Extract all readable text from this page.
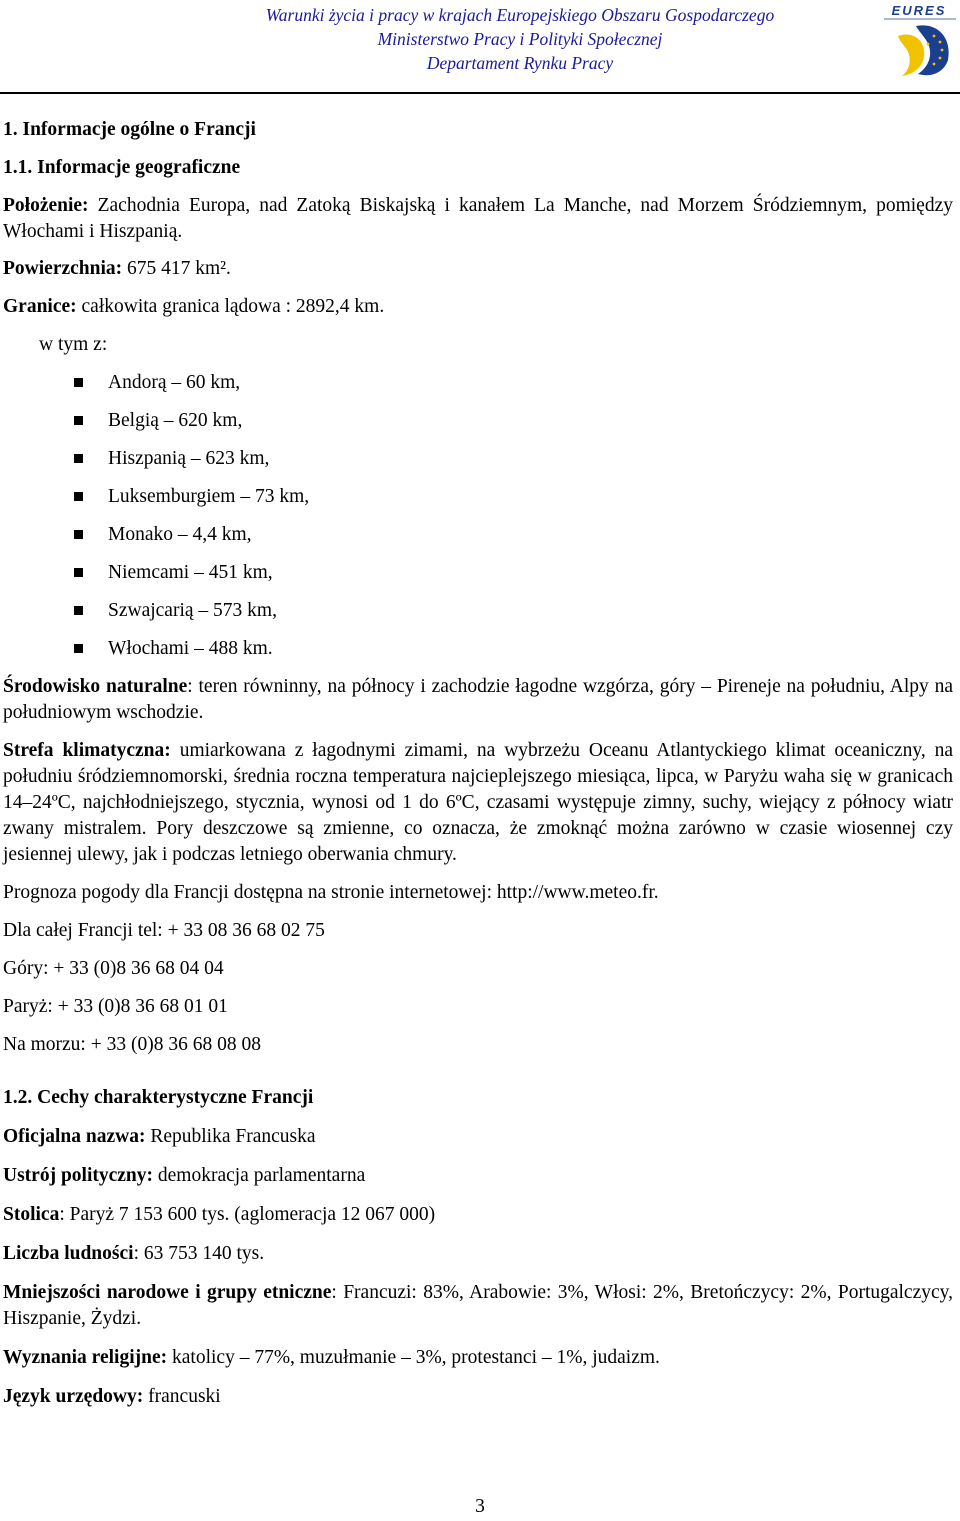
Warunki życia i pracy w krajach Europejskiego Obszaru Gospodarczego
Ministerstwo Pracy i Polityki Społecznej
Departament Rynku Pracy
EURES

1. Informacje ogólne o Francji

1.1. Informacje geograficzne

Położenie: Zachodnia Europa, nad Zatoką Biskajską i kanałem La Manche, nad Morzem Śródziemnym, pomiędzy Włochami i Hiszpanią.

Powierzchnia: 675 417 km².

Granice: całkowita granica lądowa : 2892,4 km.

w tym z:

Andorą – 60 km,
Belgią – 620 km,
Hiszpanią – 623 km,
Luksemburgiem – 73 km,
Monako – 4,4 km,
Niemcami – 451 km,
Szwajcarią – 573 km,
Włochami – 488 km.

Środowisko naturalne: teren równinny, na północy i zachodzie łagodne wzgórza, góry – Pireneje na południu, Alpy na południowym wschodzie.

Strefa klimatyczna: umiarkowana z łagodnymi zimami, na wybrzeżu Oceanu Atlantyckiego klimat oceaniczny, na południu śródziemnomorski, średnia roczna temperatura najcieplejszego miesiąca, lipca, w Paryżu waha się w granicach 14–24ºC, najchłodniejszego, stycznia, wynosi od 1 do 6ºC, czasami występuje zimny, suchy, wiejący z północy wiatr zwany mistralem. Pory deszczowe są zmienne, co oznacza, że zmoknąć można zarówno w czasie wiosennej czy jesiennej ulewy, jak i podczas letniego oberwania chmury.

Prognoza pogody dla Francji dostępna na stronie internetowej: http://www.meteo.fr.

Dla całej Francji tel: + 33 08 36 68 02 75

Góry: + 33 (0)8 36 68 04 04

Paryż: + 33 (0)8 36 68 01 01

Na morzu: + 33 (0)8 36 68 08 08

1.2. Cechy charakterystyczne Francji

Oficjalna nazwa: Republika Francuska

Ustrój polityczny: demokracja parlamentarna

Stolica: Paryż 7 153 600 tys. (aglomeracja 12 067 000)

Liczba ludności: 63 753 140 tys.

Mniejszości narodowe i grupy etniczne: Francuzi: 83%, Arabowie: 3%, Włosi: 2%, Bretończycy: 2%, Portugalczycy, Hiszpanie, Żydzi.

Wyznania religijne: katolicy – 77%, muzułmanie – 3%, protestanci – 1%, judaizm.

Język urzędowy: francuski

3
